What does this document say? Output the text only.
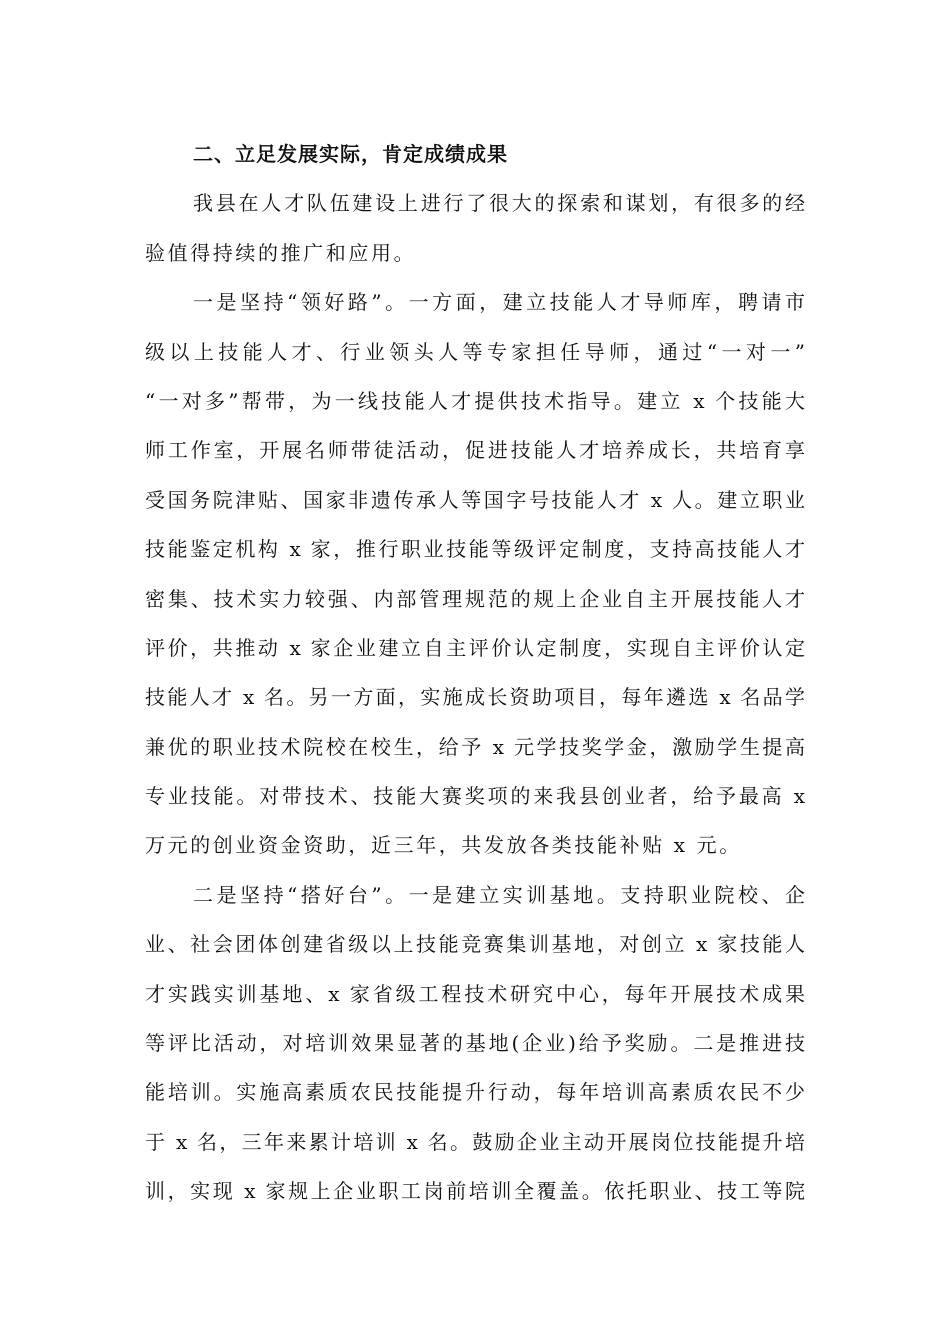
二、立足发展实际，肯定成绩成果
我县在人才队伍建设上进行了很大的探索和谋划，有很多的经
验值得持续的推广和应用。
一是坚持“领好路”。一方面，建立技能人才导师库，聘请市
级以上技能人才、行业领头人等专家担任导师，通过“一对一”
“一对多”帮带，为一线技能人才提供技术指导。建立 x 个技能大
师工作室，开展名师带徒活动，促进技能人才培养成长，共培育享
受国务院津贴、国家非遗传承人等国字号技能人才 x 人。建立职业
技能鉴定机构 x 家，推行职业技能等级评定制度，支持高技能人才
密集、技术实力较强、内部管理规范的规上企业自主开展技能人才
评价，共推动 x 家企业建立自主评价认定制度，实现自主评价认定
技能人才 x 名。另一方面，实施成长资助项目，每年遴选 x 名品学
兼优的职业技术院校在校生，给予 x 元学技奖学金，激励学生提高
专业技能。对带技术、技能大赛奖项的来我县创业者，给予最高 x
万元的创业资金资助，近三年，共发放各类技能补贴 x 元。
二是坚持“搭好台”。一是建立实训基地。支持职业院校、企
业、社会团体创建省级以上技能竞赛集训基地，对创立 x 家技能人
才实践实训基地、x 家省级工程技术研究中心，每年开展技术成果
等评比活动，对培训效果显著的基地(企业)给予奖励。二是推进技
能培训。实施高素质农民技能提升行动，每年培训高素质农民不少
于 x 名，三年来累计培训 x 名。鼓励企业主动开展岗位技能提升培
训，实现 x 家规上企业职工岗前培训全覆盖。依托职业、技工等院
